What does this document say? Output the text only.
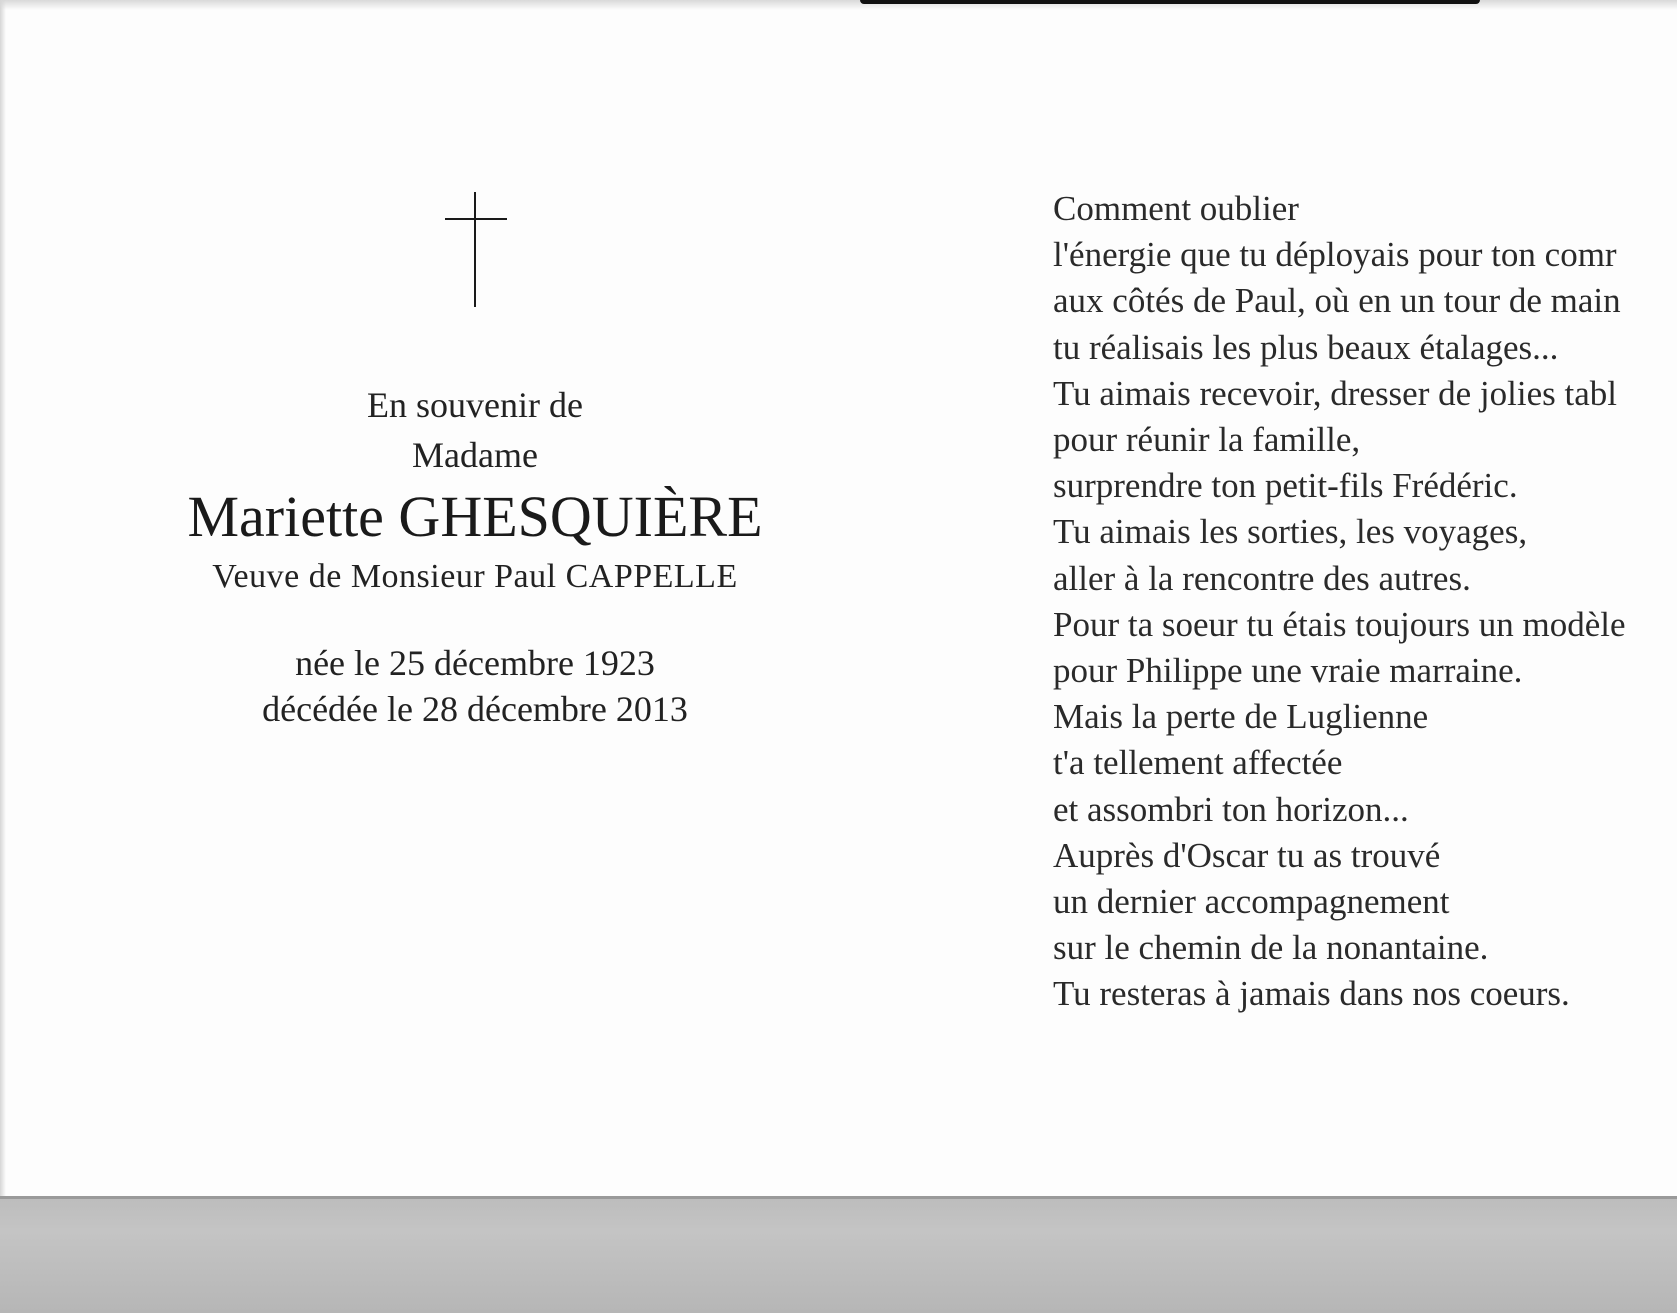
En souvenir de
Madame
Mariette GHESQUIÈRE
Veuve de Monsieur Paul CAPPELLE
née le 25 décembre 1923
décédée le 28 décembre 2013
Comment oublier
l'énergie que tu déployais pour ton comr
aux côtés de Paul, où en un tour de main
tu réalisais les plus beaux étalages...
Tu aimais recevoir, dresser de jolies tabl
pour réunir la famille,
surprendre ton petit-fils Frédéric.
Tu aimais les sorties, les voyages,
aller à la rencontre des autres.
Pour ta soeur tu étais toujours un modèle
pour Philippe une vraie marraine.
Mais la perte de Luglienne
t'a tellement affectée
et assombri ton horizon...
Auprès d'Oscar tu as trouvé
un dernier accompagnement
sur le chemin de la nonantaine.
Tu resteras à jamais dans nos coeurs.
